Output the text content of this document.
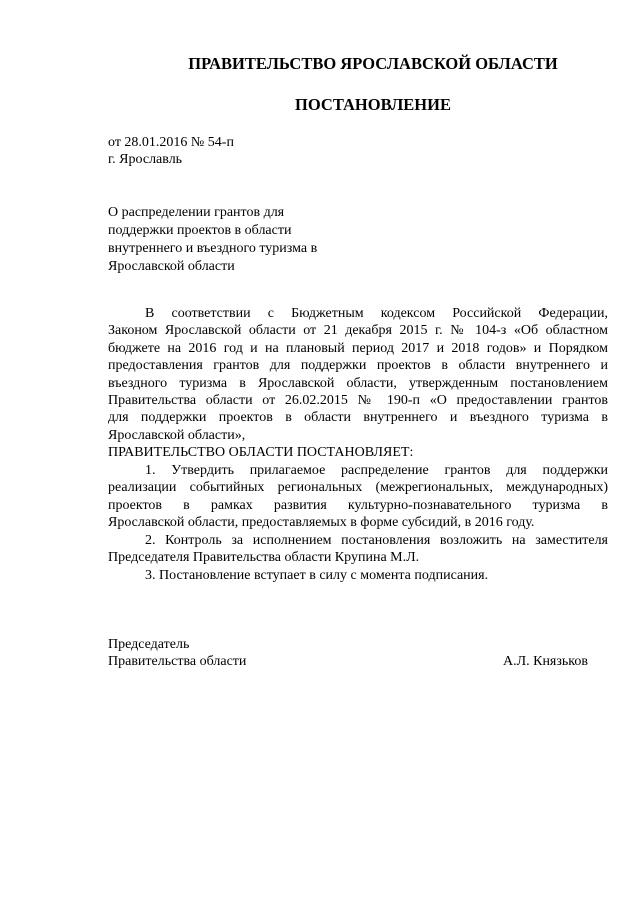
ПРАВИТЕЛЬСТВО ЯРОСЛАВСКОЙ ОБЛАСТИ
ПОСТАНОВЛЕНИЕ

от 28.01.2016 № 54-п

г. Ярославль

О распределении грантов для
поддержки проектов в области
внутреннего и въездного туризма в
Ярославской области
В соответствии с Бюджетным кодексом Российской Федерации,
Законом Ярославской области от 21 декабря 2015 г. № 104-з «Об областном
бюджете на 2016 год и на плановый период 2017 и 2018 годов» и Порядком
предоставления грантов для поддержки проектов в области внутреннего и
въездного туризма в Ярославской области, утвержденным постановлением
Правительства области от 26.02.2015 № 190-п «О предоставлении грантов
для поддержки проектов в области внутреннего и въездного туризма в
Ярославской области»,
ПРАВИТЕЛЬСТВО ОБЛАСТИ ПОСТАНОВЛЯЕТ:
1. Утвердить прилагаемое распределение грантов для поддержки
реализации событийных региональных (межрегиональных, международных)
проектов в рамках развития культурно-познавательного туризма в
Ярославской области, предоставляемых в форме субсидий, в 2016 году.
2. Контроль за исполнением постановления возложить на заместителя
Председателя Правительства области Крупина М.Л.
3. Постановление вступает в силу с момента подписания.

Председатель

Правительства области	А.Л. Князьков
